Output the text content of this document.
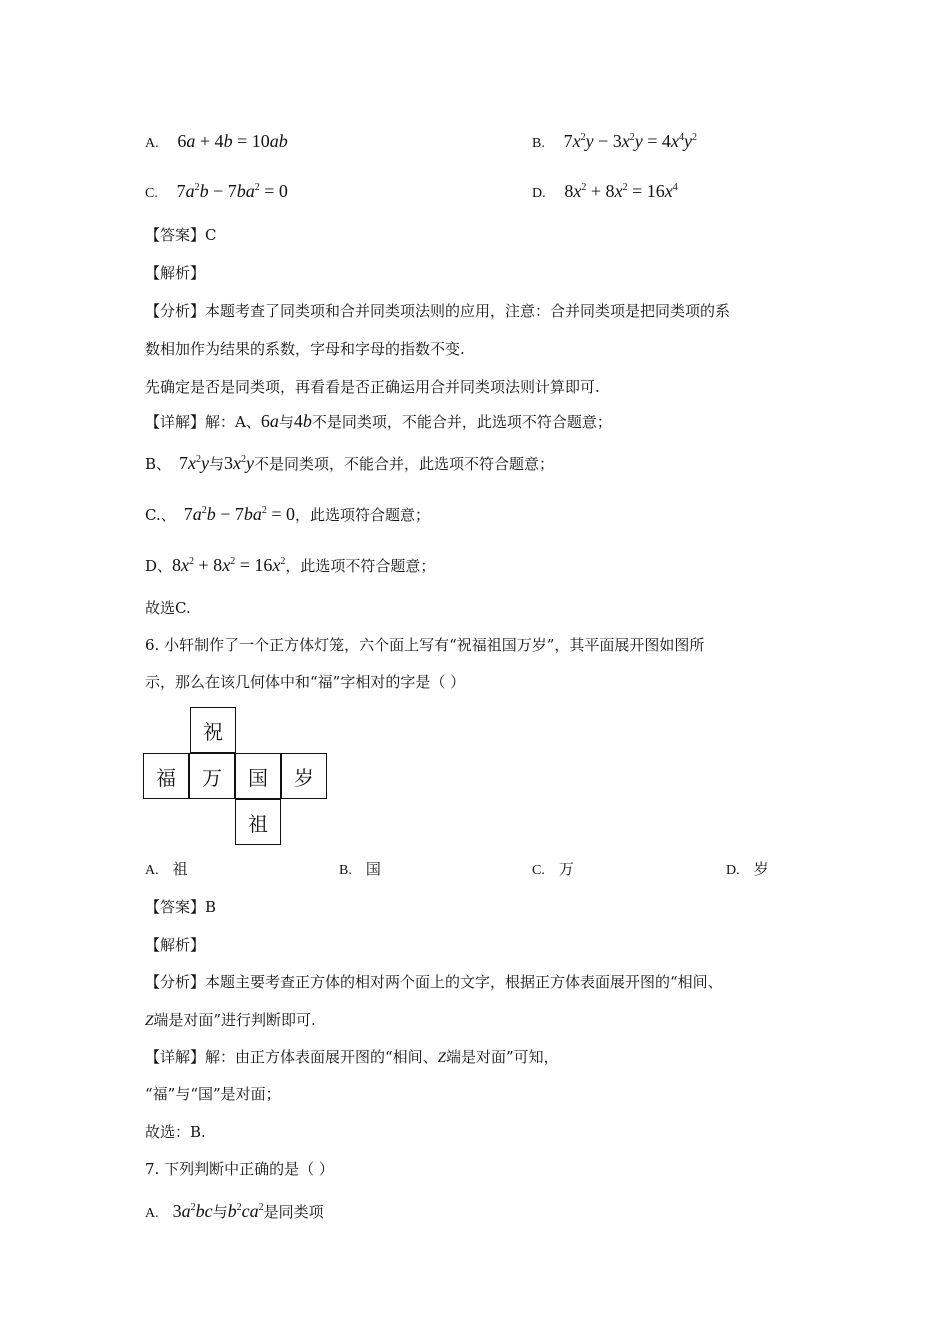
A. 6a + 4b = 10ab	B. $7x^2y - 3x^2y = 4x^4y^2$
C. $7a^2b - 7ba^2 = 0$	D. $8x^2 + 8x^2 = 16x^4$
【答案】C
【解析】
【分析】本题考查了同类项和合并同类项法则的应用，注意：合并同类项是把同类项的系
数相加作为结果的系数，字母和字母的指数不变.
先确定是否是同类项，再看看是否正确运用合并同类项法则计算即可.
【详解】解：A、6a与4b不是同类项，不能合并，此选项不符合题意；
B、 $7x^2y$与$3x^2y$不是同类项，不能合并，此选项不符合题意；
C.、 $7a^2b - 7ba^2 = 0$，此选项符合题意；
D、$8x^2 + 8x^2 = 16x^2$，此选项不符合题意；
故选C.
6. 小轩制作了一个正方体灯笼，六个面上写有“祝福祖国万岁”，其平面展开图如图所
示，那么在该几何体中和“福”字相对的字是（ ）
祝
福	万	国	岁
祖
A. 祖	B. 国	C. 万	D. 岁
【答案】B
【解析】
【分析】本题主要考查正方体的相对两个面上的文字，根据正方体表面展开图的“相间、
Z端是对面”进行判断即可.
【详解】解：由正方体表面展开图的“相间、Z端是对面”可知，
“福”与“国”是对面；
故选：B.
7. 下列判断中正确的是（ ）
A. $3a^2bc$与$b^2ca^2$是同类项
